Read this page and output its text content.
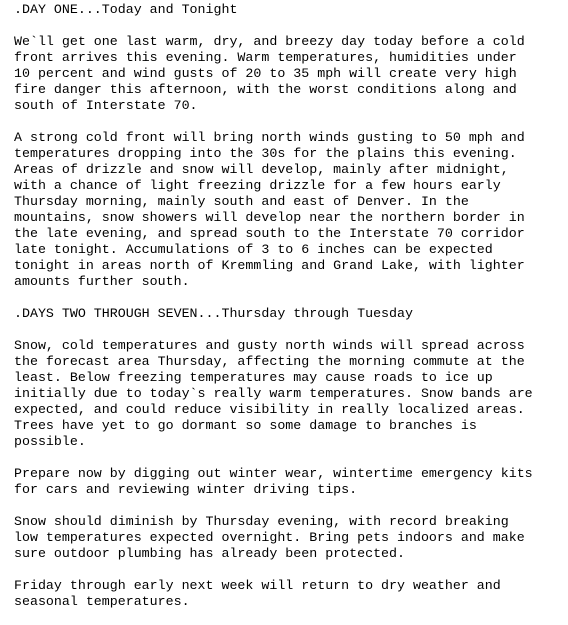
.DAY ONE...Today and Tonight
We`ll get one last warm, dry, and breezy day today before a cold
front arrives this evening. Warm temperatures, humidities under
10 percent and wind gusts of 20 to 35 mph will create very high
fire danger this afternoon, with the worst conditions along and
south of Interstate 70.
A strong cold front will bring north winds gusting to 50 mph and
temperatures dropping into the 30s for the plains this evening.
Areas of drizzle and snow will develop, mainly after midnight,
with a chance of light freezing drizzle for a few hours early
Thursday morning, mainly south and east of Denver. In the
mountains, snow showers will develop near the northern border in
the late evening, and spread south to the Interstate 70 corridor
late tonight. Accumulations of 3 to 6 inches can be expected
tonight in areas north of Kremmling and Grand Lake, with lighter
amounts further south.
.DAYS TWO THROUGH SEVEN...Thursday through Tuesday
Snow, cold temperatures and gusty north winds will spread across
the forecast area Thursday, affecting the morning commute at the
least. Below freezing temperatures may cause roads to ice up
initially due to today`s really warm temperatures. Snow bands are
expected, and could reduce visibility in really localized areas.
Trees have yet to go dormant so some damage to branches is
possible.
Prepare now by digging out winter wear, wintertime emergency kits
for cars and reviewing winter driving tips.
Snow should diminish by Thursday evening, with record breaking
low temperatures expected overnight. Bring pets indoors and make
sure outdoor plumbing has already been protected.
Friday through early next week will return to dry weather and
seasonal temperatures.
